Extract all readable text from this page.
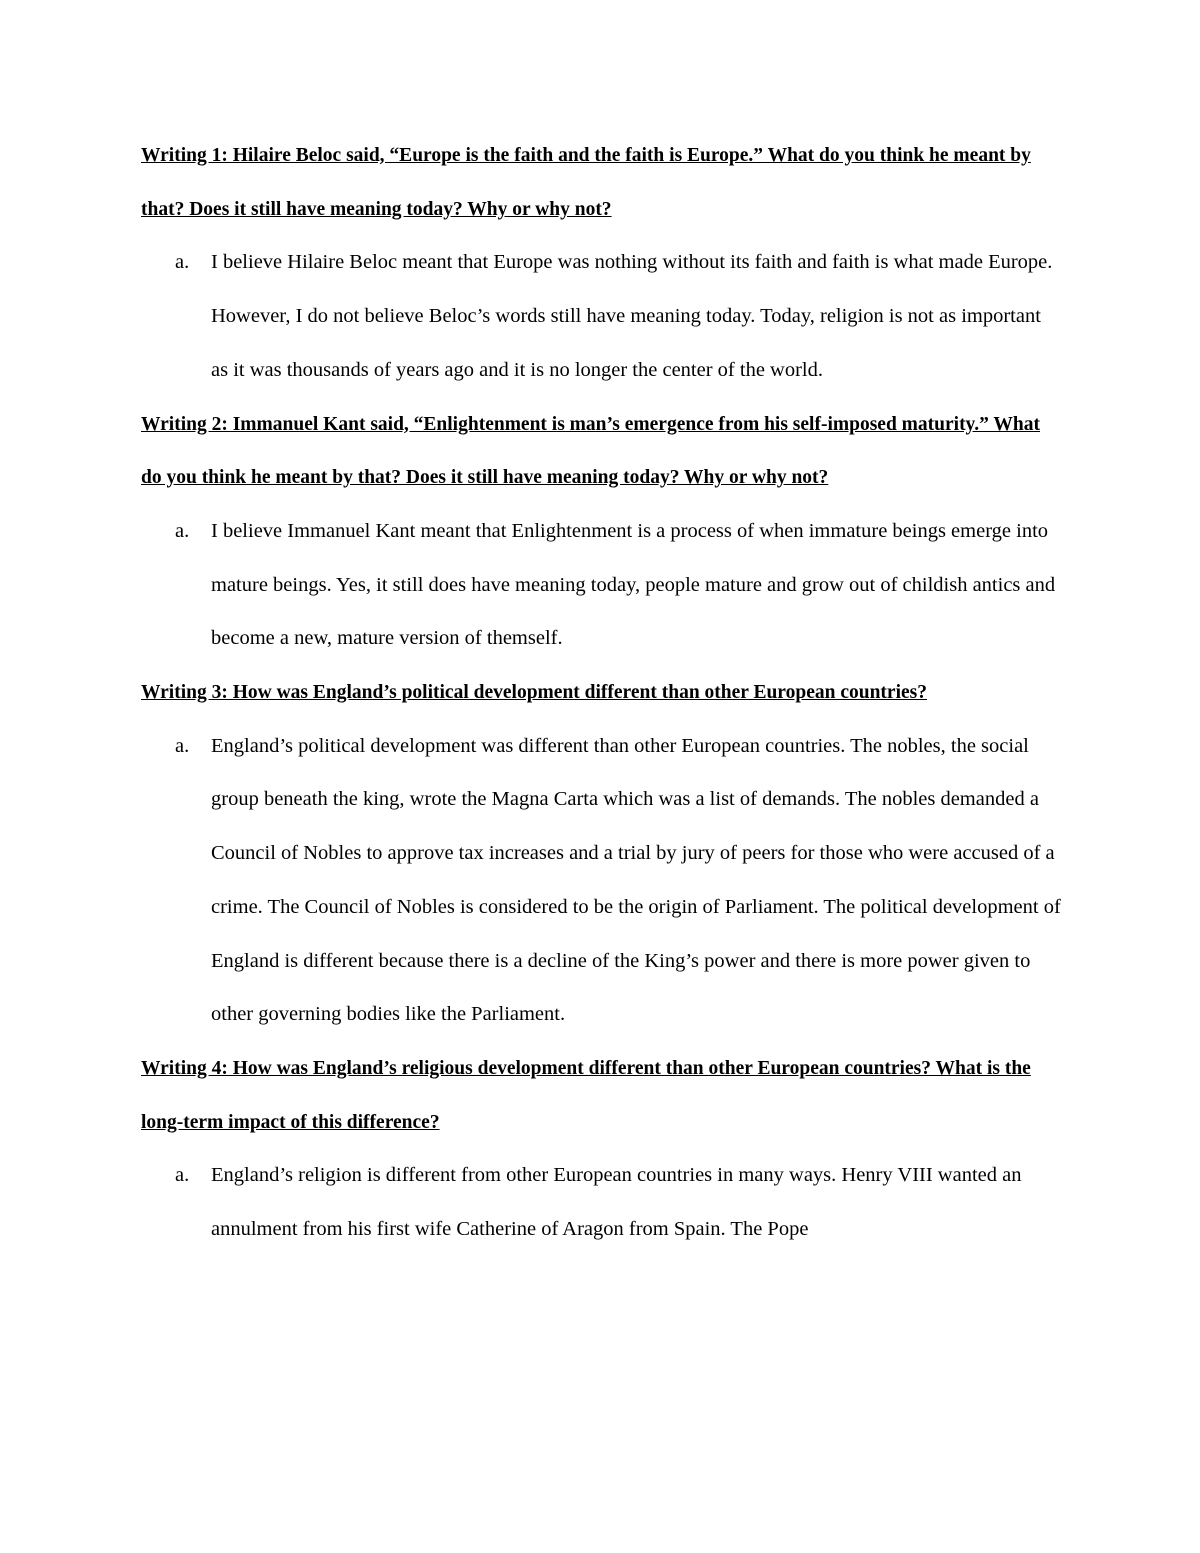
Writing 1: Hilaire Beloc said, “Europe is the faith and the faith is Europe.” What do you think he meant by that? Does it still have meaning today? Why or why not?

a. I believe Hilaire Beloc meant that Europe was nothing without its faith and faith is what made Europe. However, I do not believe Beloc’s words still have meaning today. Today, religion is not as important as it was thousands of years ago and it is no longer the center of the world.

Writing 2: Immanuel Kant said, “Enlightenment is man’s emergence from his self-imposed maturity.” What do you think he meant by that? Does it still have meaning today? Why or why not?

a. I believe Immanuel Kant meant that Enlightenment is a process of when immature beings emerge into mature beings. Yes, it still does have meaning today, people mature and grow out of childish antics and become a new, mature version of themself.

Writing 3: How was England’s political development different than other European countries?

a. England’s political development was different than other European countries. The nobles, the social group beneath the king, wrote the Magna Carta which was a list of demands. The nobles demanded a Council of Nobles to approve tax increases and a trial by jury of peers for those who were accused of a crime. The Council of Nobles is considered to be the origin of Parliament. The political development of England is different because there is a decline of the King’s power and there is more power given to other governing bodies like the Parliament.

Writing 4: How was England’s religious development different than other European countries? What is the long-term impact of this difference?

a. England’s religion is different from other European countries in many ways. Henry VIII wanted an annulment from his first wife Catherine of Aragon from Spain. The Pope
